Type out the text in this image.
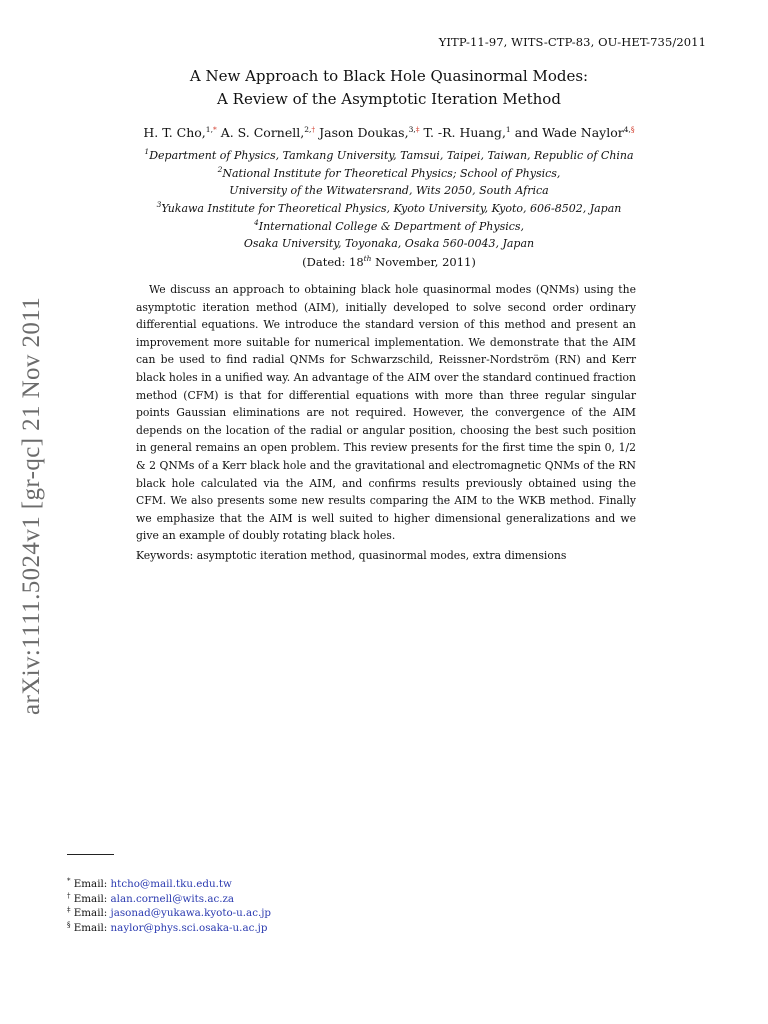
YITP-11-97, WITS-CTP-83, OU-HET-735/2011
arXiv:1111.5024v1 [gr-qc] 21 Nov 2011
A New Approach to Black Hole Quasinormal Modes:
A Review of the Asymptotic Iteration Method
H. T. Cho,$^{1,*}$ A. S. Cornell,$^{2,\dagger}$ Jason Doukas,$^{3,\ddagger}$ T. -R. Huang,$^1$ and Wade Naylor$^{4,\S}$
$^1$Department of Physics, Tamkang University, Tamsui, Taipei, Taiwan, Republic of China
$^2$National Institute for Theoretical Physics; School of Physics,
University of the Witwatersrand, Wits 2050, South Africa
$^3$Yukawa Institute for Theoretical Physics, Kyoto University, Kyoto, 606-8502, Japan
$^4$International College & Department of Physics,
Osaka University, Toyonaka, Osaka 560-0043, Japan
(Dated: 18th November, 2011)

We discuss an approach to obtaining black hole quasinormal modes (QNMs) using the asymptotic iteration method (AIM), initially developed to solve second order ordinary differential equations. We introduce the standard version of this method and present an improvement more suitable for numerical implementation. We demonstrate that the AIM can be used to find radial QNMs for Schwarzschild, Reissner-Nordström (RN) and Kerr black holes in a unified way. An advantage of the AIM over the standard continued fraction method (CFM) is that for differential equations with more than three regular singular points Gaussian eliminations are not required. However, the convergence of the AIM depends on the location of the radial or angular position, choosing the best such position in general remains an open problem. This review presents for the first time the spin 0, 1/2 & 2 QNMs of a Kerr black hole and the gravitational and electromagnetic QNMs of the RN black hole calculated via the AIM, and confirms results previously obtained using the CFM. We also presents some new results comparing the AIM to the WKB method. Finally we emphasize that the AIM is well suited to higher dimensional generalizations and we give an example of doubly rotating black holes.

Keywords: asymptotic iteration method, quasinormal modes, extra dimensions
* Email: htcho@mail.tku.edu.tw
† Email: alan.cornell@wits.ac.za
‡ Email: jasonad@yukawa.kyoto-u.ac.jp
§ Email: naylor@phys.sci.osaka-u.ac.jp
